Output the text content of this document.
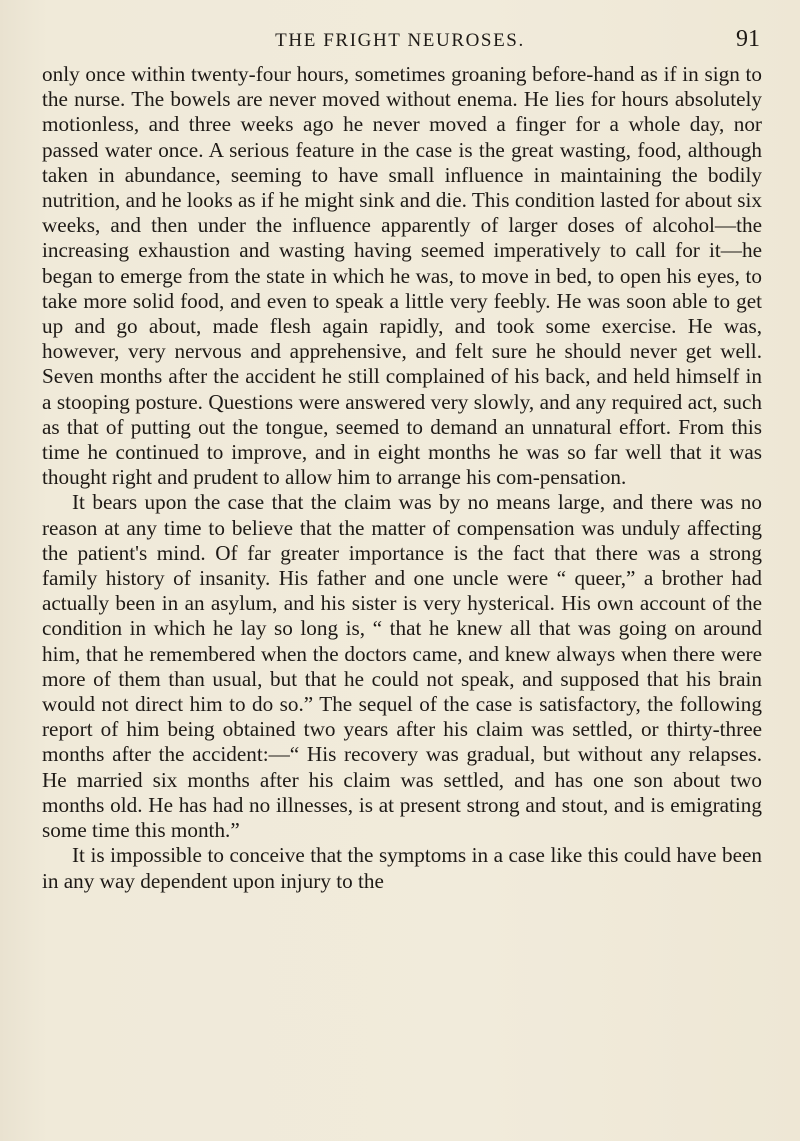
THE FRIGHT NEUROSES.	91

only once within twenty-four hours, sometimes groaning before-hand as if in sign to the nurse. The bowels are never moved without enema. He lies for hours absolutely motionless, and three weeks ago he never moved a finger for a whole day, nor passed water once. A serious feature in the case is the great wasting, food, although taken in abundance, seeming to have small influence in maintaining the bodily nutrition, and he looks as if he might sink and die. This condition lasted for about six weeks, and then under the influence apparently of larger doses of alcohol—the increasing exhaustion and wasting having seemed imperatively to call for it—he began to emerge from the state in which he was, to move in bed, to open his eyes, to take more solid food, and even to speak a little very feebly. He was soon able to get up and go about, made flesh again rapidly, and took some exercise. He was, however, very nervous and apprehensive, and felt sure he should never get well. Seven months after the accident he still complained of his back, and held himself in a stooping posture. Questions were answered very slowly, and any required act, such as that of putting out the tongue, seemed to demand an unnatural effort. From this time he continued to improve, and in eight months he was so far well that it was thought right and prudent to allow him to arrange his com-pensation.

It bears upon the case that the claim was by no means large, and there was no reason at any time to believe that the matter of compensation was unduly affecting the patient's mind. Of far greater importance is the fact that there was a strong family history of insanity. His father and one uncle were “ queer,” a brother had actually been in an asylum, and his sister is very hysterical. His own account of the condition in which he lay so long is, “ that he knew all that was going on around him, that he remembered when the doctors came, and knew always when there were more of them than usual, but that he could not speak, and supposed that his brain would not direct him to do so.” The sequel of the case is satisfactory, the following report of him being obtained two years after his claim was settled, or thirty-three months after the accident:—“ His recovery was gradual, but without any relapses. He married six months after his claim was settled, and has one son about two months old. He has had no illnesses, is at present strong and stout, and is emigrating some time this month.”

It is impossible to conceive that the symptoms in a case like this could have been in any way dependent upon injury to the
